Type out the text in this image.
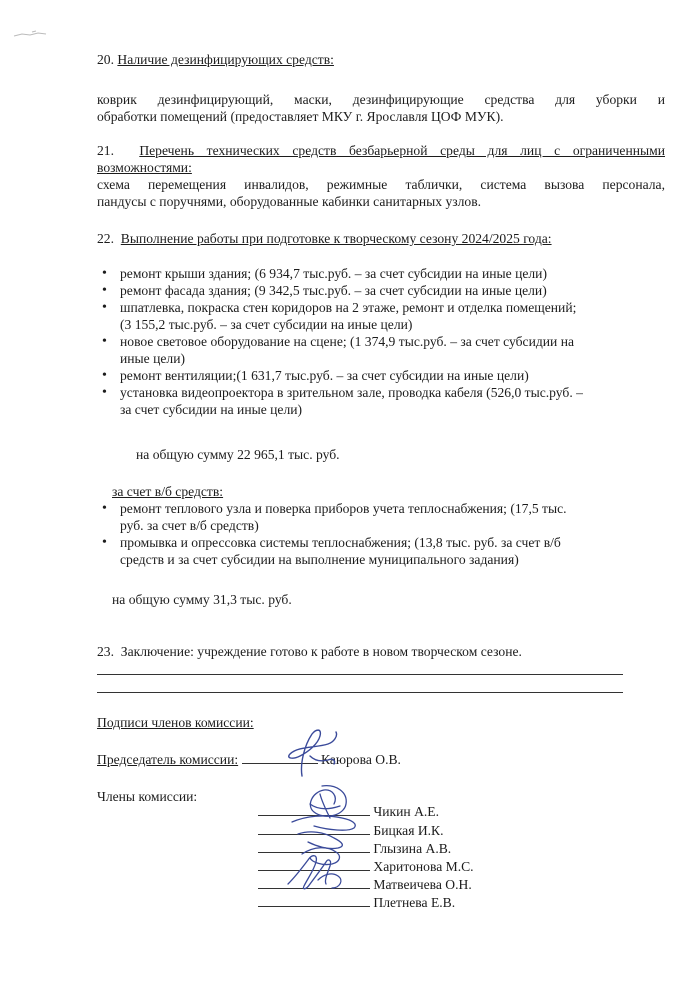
20. Наличие дезинфицирующих средств:

коврик дезинфицирующий, маски, дезинфицирующие средства для уборки и

обработки помещений (предоставляет МКУ г. Ярославля ЦОФ МУК).

21. Перечень технических средств безбарьерной среды для лиц с ограниченными

возможностями:

схема перемещения инвалидов, режимные таблички, система вызова персонала,

пандусы с поручнями, оборудованные кабинки санитарных узлов.

22. Выполнение работы при подготовке к творческому сезону 2024/2025 года:

• ремонт крыши здания; (6 934,7 тыс.руб. – за счет субсидии на иные цели)
• ремонт фасада здания; (9 342,5 тыс.руб. – за счет субсидии на иные цели)
• шпатлевка, покраска стен коридоров на 2 этаже, ремонт и отделка помещений;
(3 155,2 тыс.руб. – за счет субсидии на иные цели)
• новое световое оборудование на сцене; (1 374,9 тыс.руб. – за счет субсидии на
иные цели)
• ремонт вентиляции;(1 631,7 тыс.руб. – за счет субсидии на иные цели)
• установка видеопроектора в зрительном зале, проводка кабеля (526,0 тыс.руб. –
за счет субсидии на иные цели)

на общую сумму 22 965,1 тыс. руб.

за счет в/б средств:

• ремонт теплового узла и поверка приборов учета теплоснабжения; (17,5 тыс.
руб. за счет в/б средств)
• промывка и опрессовка системы теплоснабжения; (13,8 тыс. руб. за счет в/б
средств и за счет субсидии на выполнение муниципального задания)

на общую сумму 31,3 тыс. руб.

23. Заключение: учреждение готово к работе в новом творческом сезоне.

Подписи членов комиссии:

Председатель комиссии:	Каюрова О.В.

Члены комиссии:

Чикин А.Е.
Бицкая И.К.
Глызина А.В.
Харитонова М.С.
Матвеичева О.Н.
Плетнева Е.В.
